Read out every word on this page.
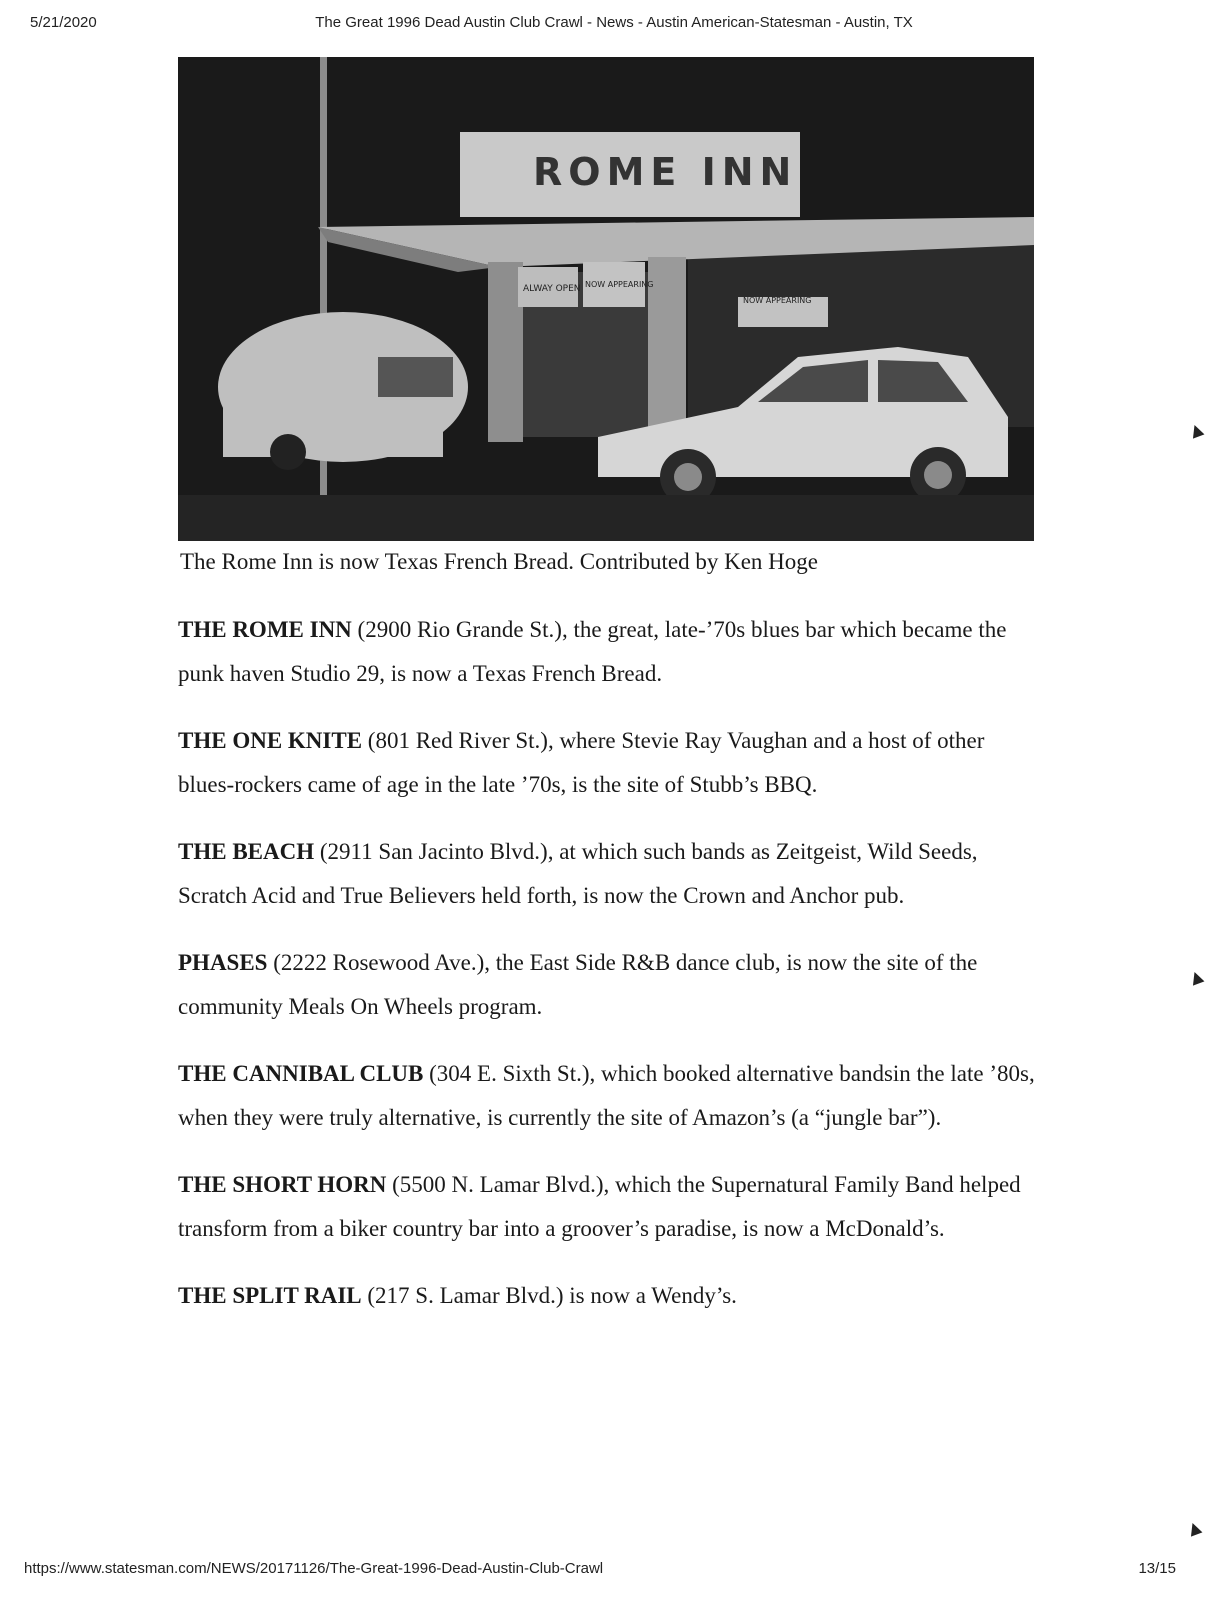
5/21/2020	The Great 1996 Dead Austin Club Crawl - News - Austin American-Statesman - Austin, TX
ROME INN
ALWAY OPEN NOW APPEARING
NOW APPEARING
The Rome Inn is now Texas French Bread. Contributed by Ken Hoge

THE ROME INN (2900 Rio Grande St.), the great, late-’70s blues bar which became the punk haven Studio 29, is now a Texas French Bread.

THE ONE KNITE (801 Red River St.), where Stevie Ray Vaughan and a host of other blues-rockers came of age in the late ’70s, is the site of Stubb’s BBQ.

THE BEACH (2911 San Jacinto Blvd.), at which such bands as Zeitgeist, Wild Seeds, Scratch Acid and True Believers held forth, is now the Crown and Anchor pub.

PHASES (2222 Rosewood Ave.), the East Side R&B dance club, is now the site of the community Meals On Wheels program.

THE CANNIBAL CLUB (304 E. Sixth St.), which booked alternative bandsin the late ’80s, when they were truly alternative, is currently the site of Amazon’s (a “jungle bar”).

THE SHORT HORN (5500 N. Lamar Blvd.), which the Supernatural Family Band helped transform from a biker country bar into a groover’s paradise, is now a McDonald’s.

THE SPLIT RAIL (217 S. Lamar Blvd.) is now a Wendy’s.

▲
▲
▲
https://www.statesman.com/NEWS/20171126/The-Great-1996-Dead-Austin-Club-Crawl	13/15
